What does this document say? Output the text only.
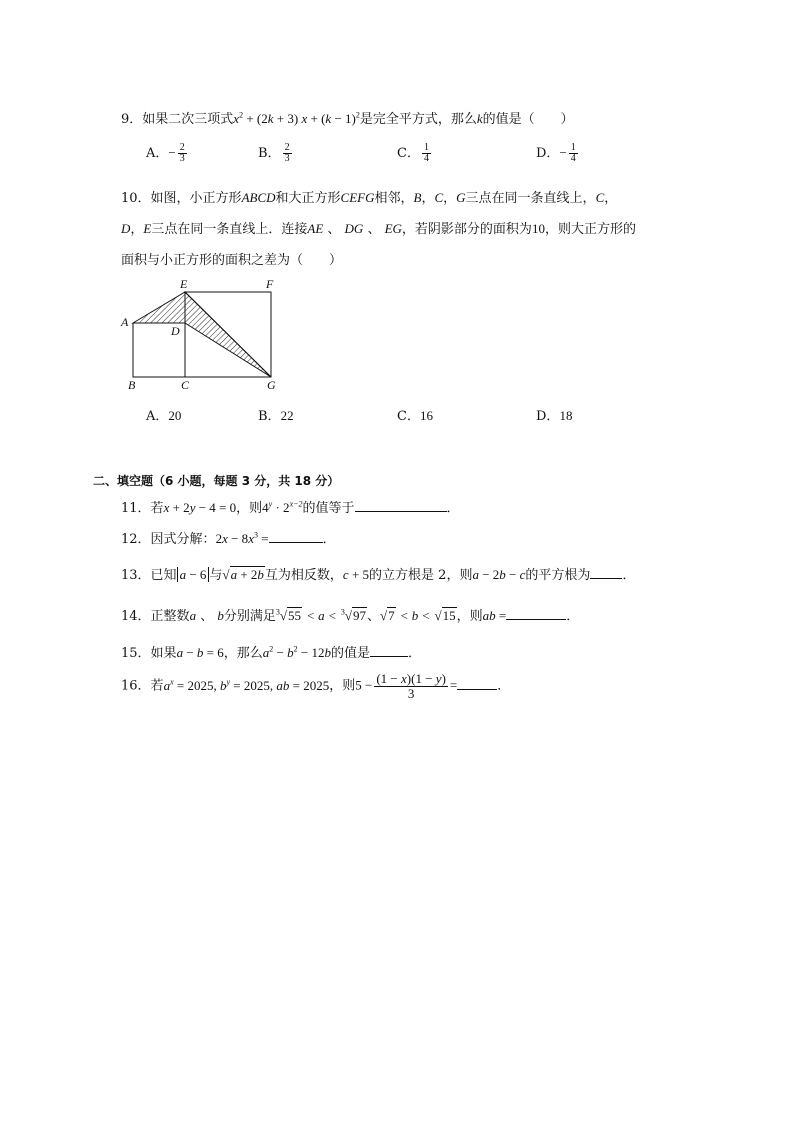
9．如果二次三项式$x^2 + (2k + 3) x + (k - 1)^2$是完全平方式，那么k的值是（　　）
A．− $\frac{2}{3}$	B． $\frac{2}{3}$	C． $\frac{1}{4}$	D．− $\frac{1}{4}$
10．如图，小正方形ABCD和大正方形CEFG相邻，B，C，G三点在同一条直线上，C，
D，E三点在同一条直线上．连接AE 、 DG 、 EG，若阴影部分的面积为10，则大正方形的
面积与小正方形的面积之差为（　　）
E	F
A
D
B	C	G
A．20	B．22	C．16	D．18
二、填空题（6 小题，每题 3 分，共 18 分）
11．若x + 2y − 4 = 0，则$4^y \cdot 2^{x-2}$的值等于	．
12．因式分解：$2x - 8x^3$ =	．
13．已知 a − 6 与√a + 2b互为相反数，c + 5的立方根是 2，则a − 2b − c的平方根为 ．
14．正整数a 、 b分别满足$^3$√55 < a < $^3$√97、√7 < b < √15，则ab =	．
15．如果a − b = 6，那么$a^2 - b^2 - 12b$的值是	．
16．若$a^x = 2025$, $b^y = 2025$, ab = 2025，则$5 - \frac{(1 - x)(1 - y)}{3}$ =	．
